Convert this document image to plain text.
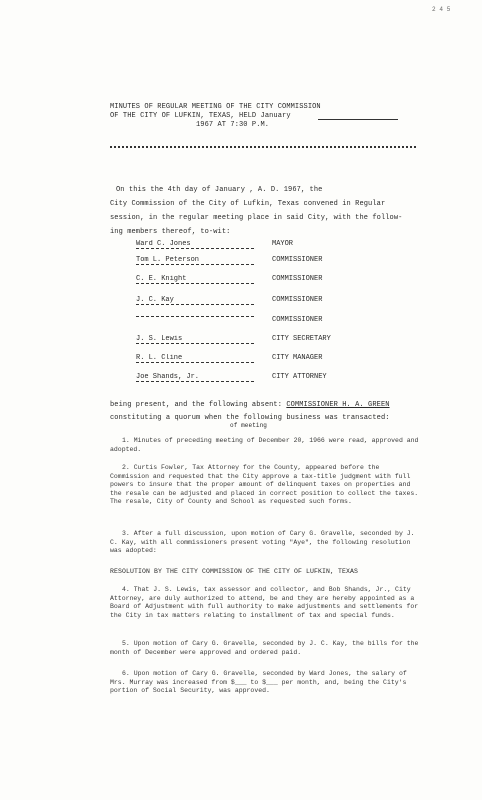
2 4 5
MINUTES OF REGULAR MEETING OF THE CITY COMMISSION
OF THE CITY OF LUFKIN, TEXAS, HELD January
1967 AT 7:30 P.M.
On this the 4th day of January , A. D. 1967, the
City Commission of the City of Lufkin, Texas convened in Regular
session, in the regular meeting place in said City, with the follow-
ing members thereof, to-wit:
Ward C. Jones	MAYOR
Tom L. Peterson	COMMISSIONER
C. E. Knight	COMMISSIONER
J. C. Kay	COMMISSIONER
COMMISSIONER
J. S. Lewis	CITY SECRETARY
R. L. Cline	CITY MANAGER
Joe Shands, Jr.	CITY ATTORNEY
being present, and the following absent: COMMISSIONER H. A. GREEN
of meeting
constituting a quorum when the following business was transacted:
1. Minutes of preceding meeting of December 20, 1966 were read, approved and adopted.
2. Curtis Fowler, Tax Attorney for the County, appeared before the Commission and requested that the City approve a tax-title judgment with full powers to insure that the proper amount of delinquent taxes on properties and the resale can be adjusted and placed in correct position to collect the taxes. The resale, City of County and School as requested such forms.
3. After a full discussion, upon motion of Cary G. Gravelle, seconded by J. C. Kay, with all commissioners present voting "Aye", the following resolution was adopted:
RESOLUTION BY THE CITY COMMISSION OF THE CITY OF LUFKIN, TEXAS
4. That J. S. Lewis, tax assessor and collector, and Bob Shands, Jr., City Attorney, are duly authorized to attend, be and they are hereby appointed as a Board of Adjustment with full authority to make adjustments and settlements for the City in tax matters relating to installment of tax and special funds.
5. Upon motion of Cary G. Gravelle, seconded by J. C. Kay, the bills for the month of December were approved and ordered paid.
6. Upon motion of Cary G. Gravelle, seconded by Ward Jones, the salary of Mrs. Murray was increased from $___ to $___ per month, and, being the City's portion of Social Security, was approved.
